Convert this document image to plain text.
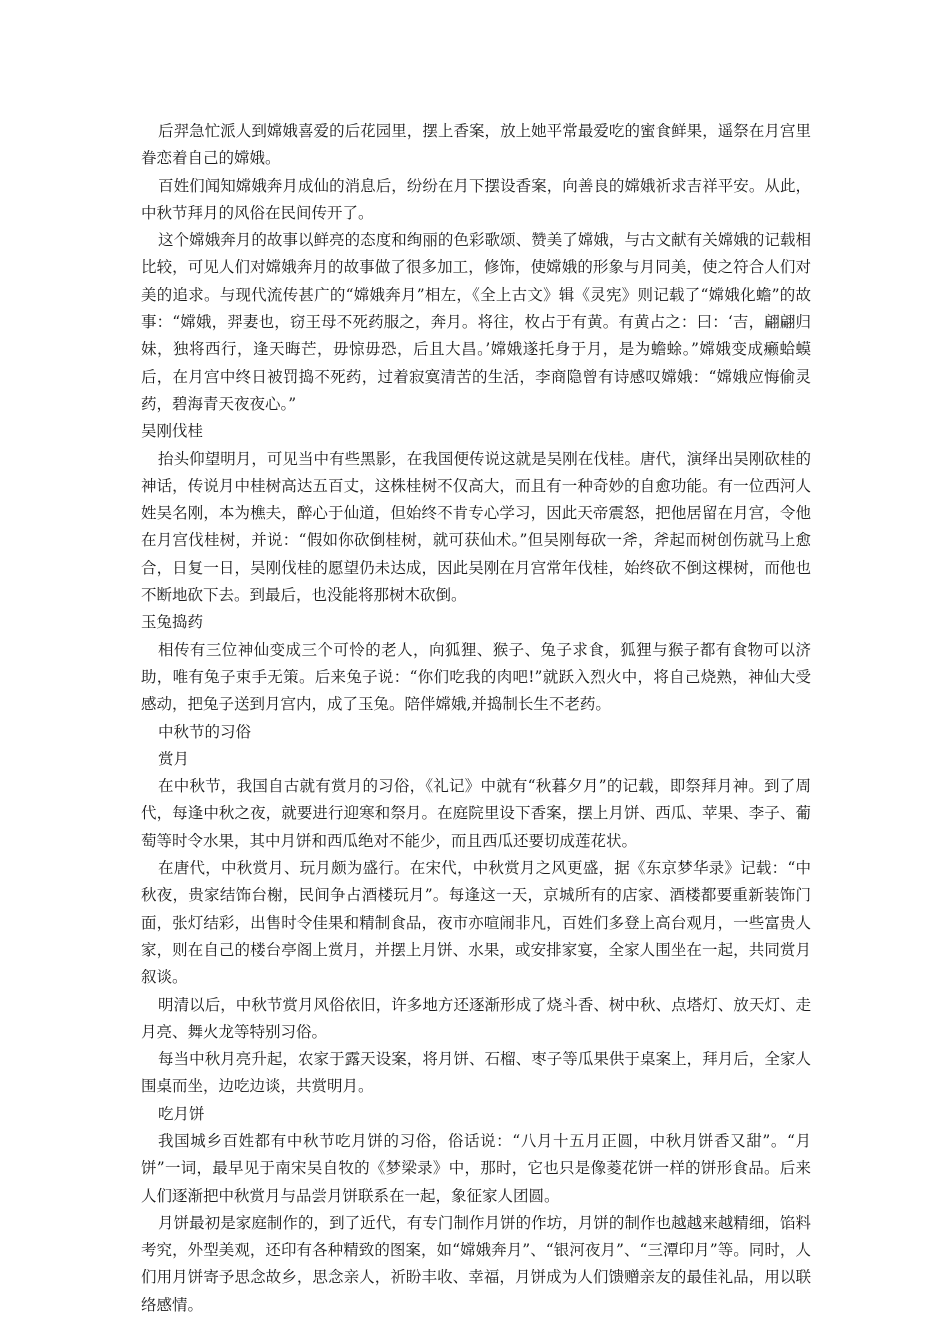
后羿急忙派人到嫦娥喜爱的后花园里，摆上香案，放上她平常最爱吃的蜜食鲜果，遥祭在月宫里眷恋着自己的嫦娥。

百姓们闻知嫦娥奔月成仙的消息后，纷纷在月下摆设香案，向善良的嫦娥祈求吉祥平安。从此，中秋节拜月的风俗在民间传开了。

这个嫦娥奔月的故事以鲜亮的态度和绚丽的色彩歌颂、赞美了嫦娥，与古文献有关嫦娥的记载相比较，可见人们对嫦娥奔月的故事做了很多加工，修饰，使嫦娥的形象与月同美，使之符合人们对美的追求。与现代流传甚广的“嫦娥奔月”相左，《全上古文》辑《灵宪》则记载了“嫦娥化蟾”的故事：“嫦娥，羿妻也，窃王母不死药服之，奔月。将往，枚占于有黄。有黄占之：曰：‘吉，翩翩归妹，独将西行，逢天晦芒，毋惊毋恐，后且大昌。’嫦娥遂托身于月，是为蟾蜍。”嫦娥变成癞蛤蟆后，在月宫中终日被罚捣不死药，过着寂寞清苦的生活，李商隐曾有诗感叹嫦娥：“嫦娥应悔偷灵药，碧海青天夜夜心。”

吴刚伐桂

抬头仰望明月，可见当中有些黑影，在我国便传说这就是吴刚在伐桂。唐代，演绎出吴刚砍桂的神话，传说月中桂树高达五百丈，这株桂树不仅高大，而且有一种奇妙的自愈功能。有一位西河人姓吴名刚，本为樵夫，醉心于仙道，但始终不肯专心学习，因此天帝震怒，把他居留在月宫，令他在月宫伐桂树，并说：“假如你砍倒桂树，就可获仙术。”但吴刚每砍一斧，斧起而树创伤就马上愈合，日复一日，吴刚伐桂的愿望仍未达成，因此吴刚在月宫常年伐桂，始终砍不倒这棵树，而他也不断地砍下去。到最后，也没能将那树木砍倒。

玉兔捣药

相传有三位神仙变成三个可怜的老人，向狐狸、猴子、兔子求食，狐狸与猴子都有食物可以济助，唯有兔子束手无策。后来兔子说：“你们吃我的肉吧!”就跃入烈火中，将自己烧熟，神仙大受感动，把兔子送到月宫内，成了玉兔。陪伴嫦娥,并捣制长生不老药。

中秋节的习俗

赏月

在中秋节，我国自古就有赏月的习俗，《礼记》中就有“秋暮夕月”的记载，即祭拜月神。到了周代，每逢中秋之夜，就要进行迎寒和祭月。在庭院里设下香案，摆上月饼、西瓜、苹果、李子、葡萄等时令水果，其中月饼和西瓜绝对不能少，而且西瓜还要切成莲花状。

在唐代，中秋赏月、玩月颇为盛行。在宋代，中秋赏月之风更盛，据《东京梦华录》记载：“中秋夜，贵家结饰台榭，民间争占酒楼玩月”。每逢这一天，京城所有的店家、酒楼都要重新装饰门面，张灯结彩，出售时令佳果和精制食品，夜市亦喧闹非凡，百姓们多登上高台观月，一些富贵人家，则在自己的楼台亭阁上赏月，并摆上月饼、水果，或安排家宴，全家人围坐在一起，共同赏月叙谈。

明清以后，中秋节赏月风俗依旧，许多地方还逐渐形成了烧斗香、树中秋、点塔灯、放天灯、走月亮、舞火龙等特别习俗。

每当中秋月亮升起，农家于露天设案，将月饼、石榴、枣子等瓜果供于桌案上，拜月后，全家人围桌而坐，边吃边谈，共赏明月。

吃月饼

我国城乡百姓都有中秋节吃月饼的习俗，俗话说：“八月十五月正圆，中秋月饼香又甜”。“月饼”一词，最早见于南宋吴自牧的《梦梁录》中，那时，它也只是像菱花饼一样的饼形食品。后来人们逐渐把中秋赏月与品尝月饼联系在一起，象征家人团圆。

月饼最初是家庭制作的，到了近代，有专门制作月饼的作坊，月饼的制作也越越来越精细，馅料考究，外型美观，还印有各种精致的图案，如“嫦娥奔月”、“银河夜月”、“三潭印月”等。同时，人们用月饼寄予思念故乡，思念亲人，祈盼丰收、幸福，月饼成为人们馈赠亲友的最佳礼品，用以联络感情。
